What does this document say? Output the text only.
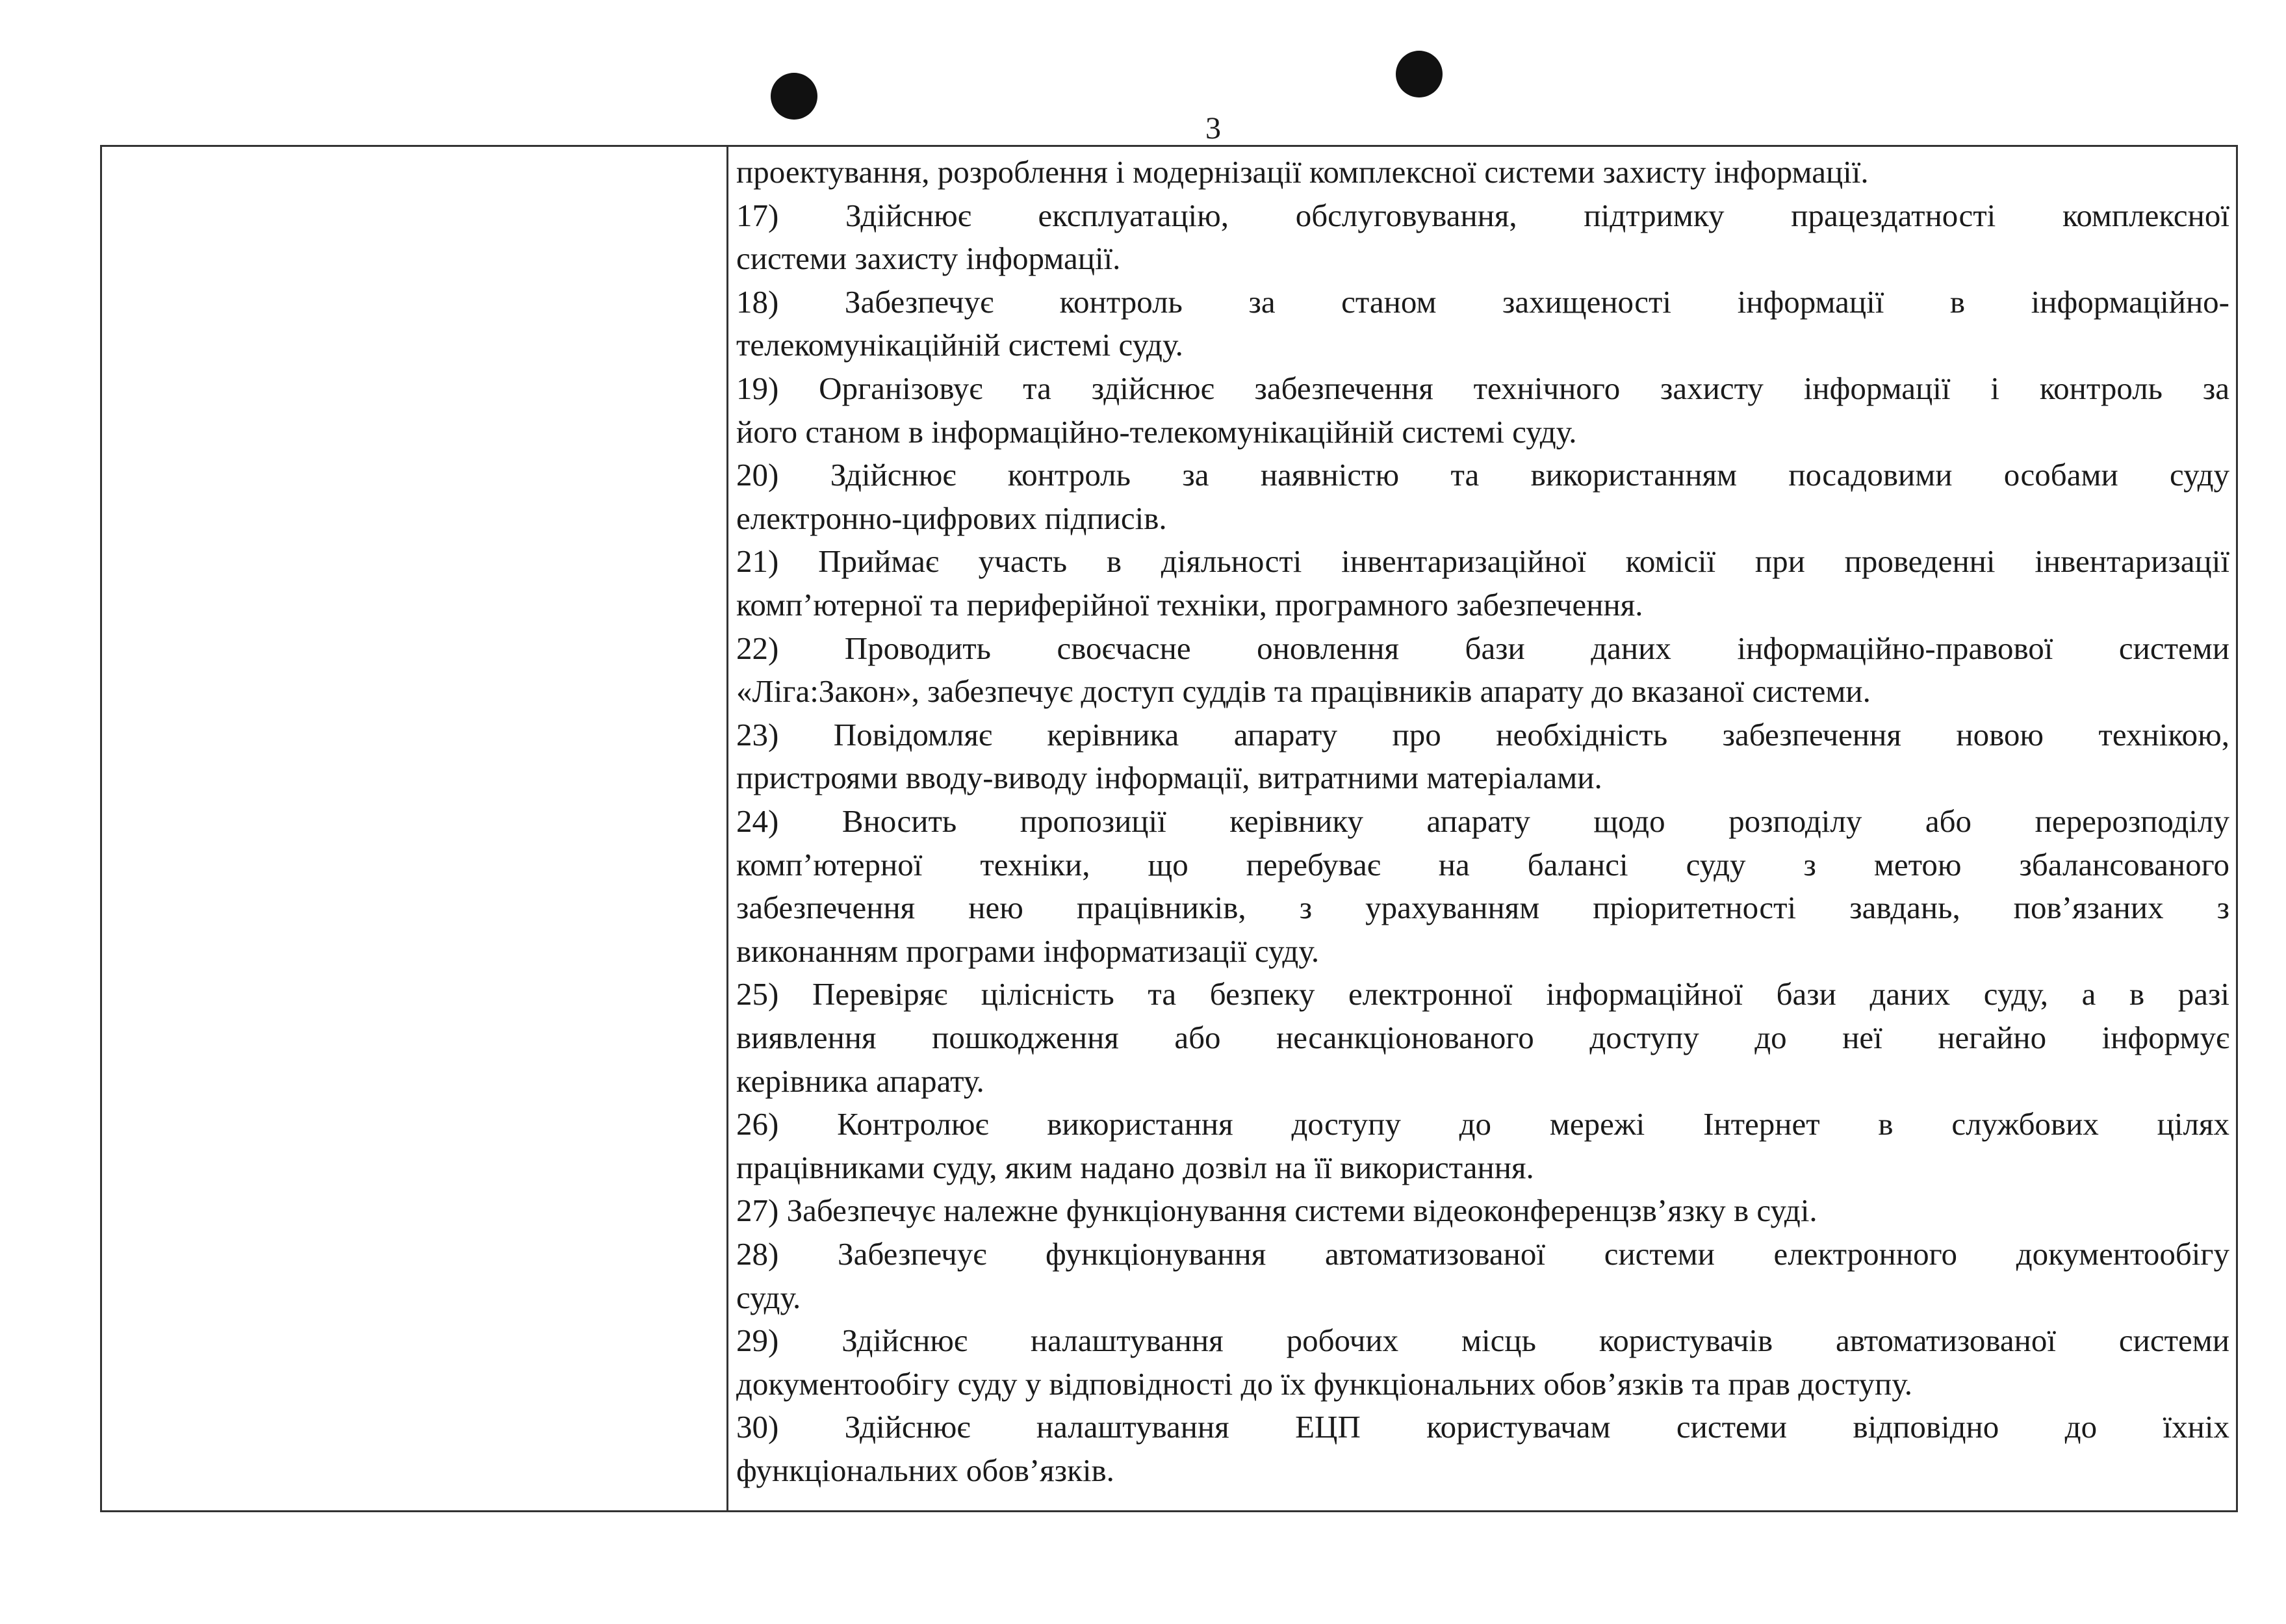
3
проектування, розроблення і модернізації комплексної системи захисту інформації.
17) Здійснює експлуатацію, обслуговування, підтримку працездатності комплексної
системи захисту інформації.
18) Забезпечує контроль за станом захищеності інформації в інформаційно-
телекомунікаційній системі суду.
19) Організовує та здійснює забезпечення технічного захисту інформації і контроль за
його станом в інформаційно-телекомунікаційній системі суду.
20) Здійснює контроль за наявністю та використанням посадовими особами суду
електронно-цифрових підписів.
21) Приймає участь в діяльності інвентаризаційної комісії при проведенні інвентаризації
комп’ютерної та периферійної техніки, програмного забезпечення.
22) Проводить своєчасне оновлення бази даних інформаційно-правової системи
«Ліга:Закон», забезпечує доступ суддів та працівників апарату до вказаної системи.
23) Повідомляє керівника апарату про необхідність забезпечення новою технікою,
пристроями вводу-виводу інформації, витратними матеріалами.
24) Вносить пропозиції керівнику апарату щодо розподілу або перерозподілу
комп’ютерної техніки, що перебуває на балансі суду з метою збалансованого
забезпечення нею працівників, з урахуванням пріоритетності завдань, пов’язаних з
виконанням програми інформатизації суду.
25) Перевіряє цілісність та безпеку електронної інформаційної бази даних суду, а в разі
виявлення пошкодження або несанкціонованого доступу до неї негайно інформує
керівника апарату.
26) Контролює використання доступу до мережі Інтернет в службових цілях
працівниками суду, яким надано дозвіл на її використання.
27) Забезпечує належне функціонування системи відеоконференцзв’язку в суді.
28) Забезпечує функціонування автоматизованої системи електронного документообігу
суду.
29) Здійснює налаштування робочих місць користувачів автоматизованої системи
документообігу суду у відповідності до їх функціональних обов’язків та прав доступу.
30) Здійснює налаштування ЕЦП користувачам системи відповідно до їхніх
функціональних обов’язків.
